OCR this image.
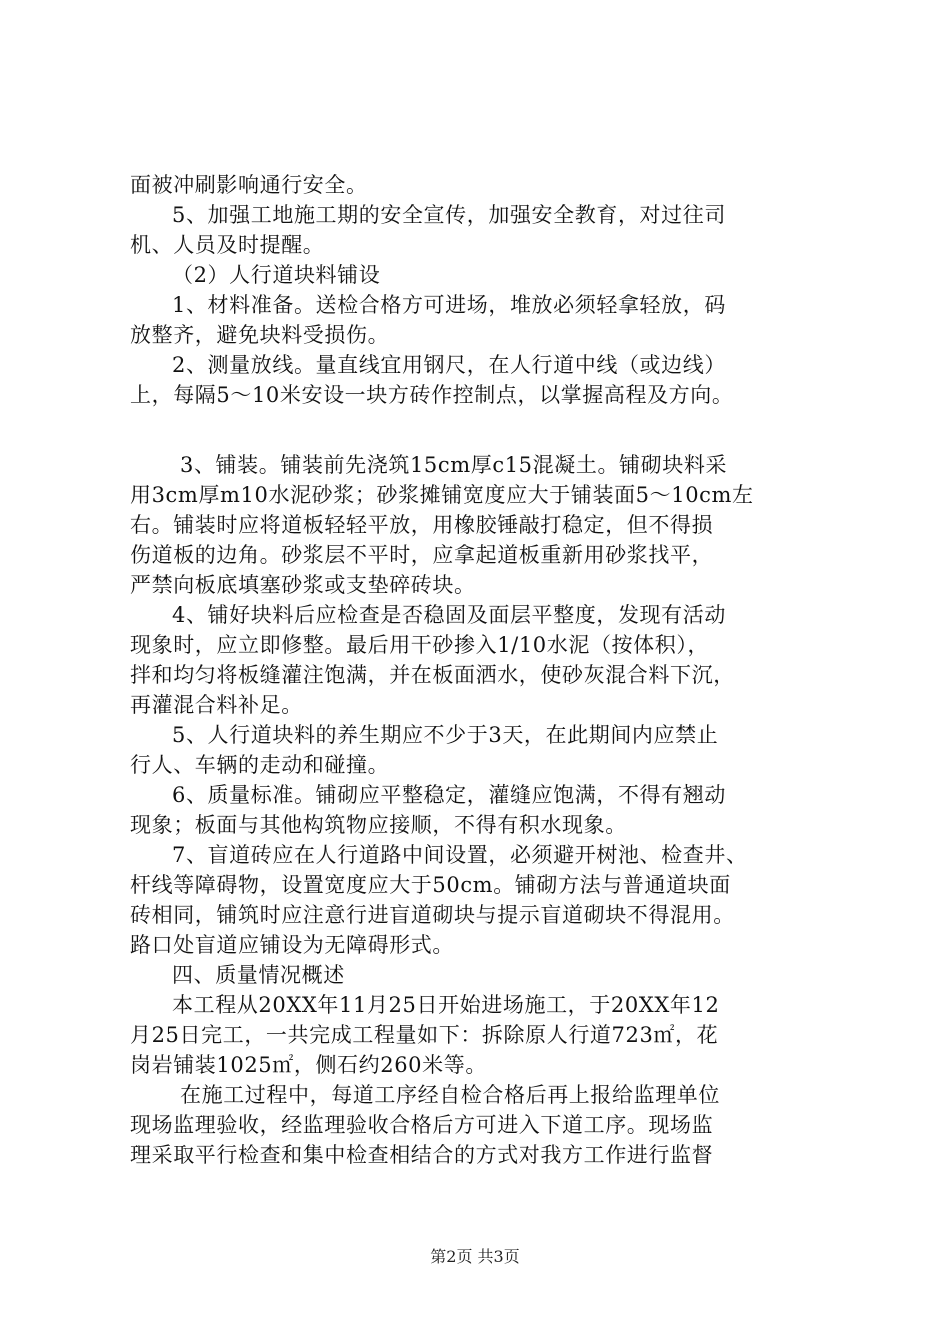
面被冲刷影响通行安全。
5、加强工地施工期的安全宣传，加强安全教育，对过往司
机、人员及时提醒。
（2）人行道块料铺设
1、材料准备。送检合格方可进场，堆放必须轻拿轻放，码
放整齐，避免块料受损伤。
2、测量放线。量直线宜用钢尺，在人行道中线（或边线）
上，每隔5～10米安设一块方砖作控制点，以掌握高程及方向。
3、铺装。铺装前先浇筑15cm厚c15混凝土。铺砌块料采
用3cm厚m10水泥砂浆；砂浆摊铺宽度应大于铺装面5～10cm左
右。铺装时应将道板轻轻平放，用橡胶锤敲打稳定，但不得损
伤道板的边角。砂浆层不平时，应拿起道板重新用砂浆找平，
严禁向板底填塞砂浆或支垫碎砖块。
4、铺好块料后应检查是否稳固及面层平整度，发现有活动
现象时，应立即修整。最后用干砂掺入1/10水泥（按体积），
拌和均匀将板缝灌注饱满，并在板面洒水，使砂灰混合料下沉，
再灌混合料补足。
5、人行道块料的养生期应不少于3天，在此期间内应禁止
行人、车辆的走动和碰撞。
6、质量标准。铺砌应平整稳定，灌缝应饱满，不得有翘动
现象；板面与其他构筑物应接顺，不得有积水现象。
7、盲道砖应在人行道路中间设置，必须避开树池、检查井、
杆线等障碍物，设置宽度应大于50cm。铺砌方法与普通道块面
砖相同，铺筑时应注意行进盲道砌块与提示盲道砌块不得混用。
路口处盲道应铺设为无障碍形式。
四、质量情况概述
本工程从20XX年11月25日开始进场施工，于20XX年12
月25日完工，一共完成工程量如下：拆除原人行道723㎡，花
岗岩铺装1025㎡，侧石约260米等。
在施工过程中，每道工序经自检合格后再上报给监理单位
现场监理验收，经监理验收合格后方可进入下道工序。现场监
理采取平行检查和集中检查相结合的方式对我方工作进行监督
第2页 共3页
